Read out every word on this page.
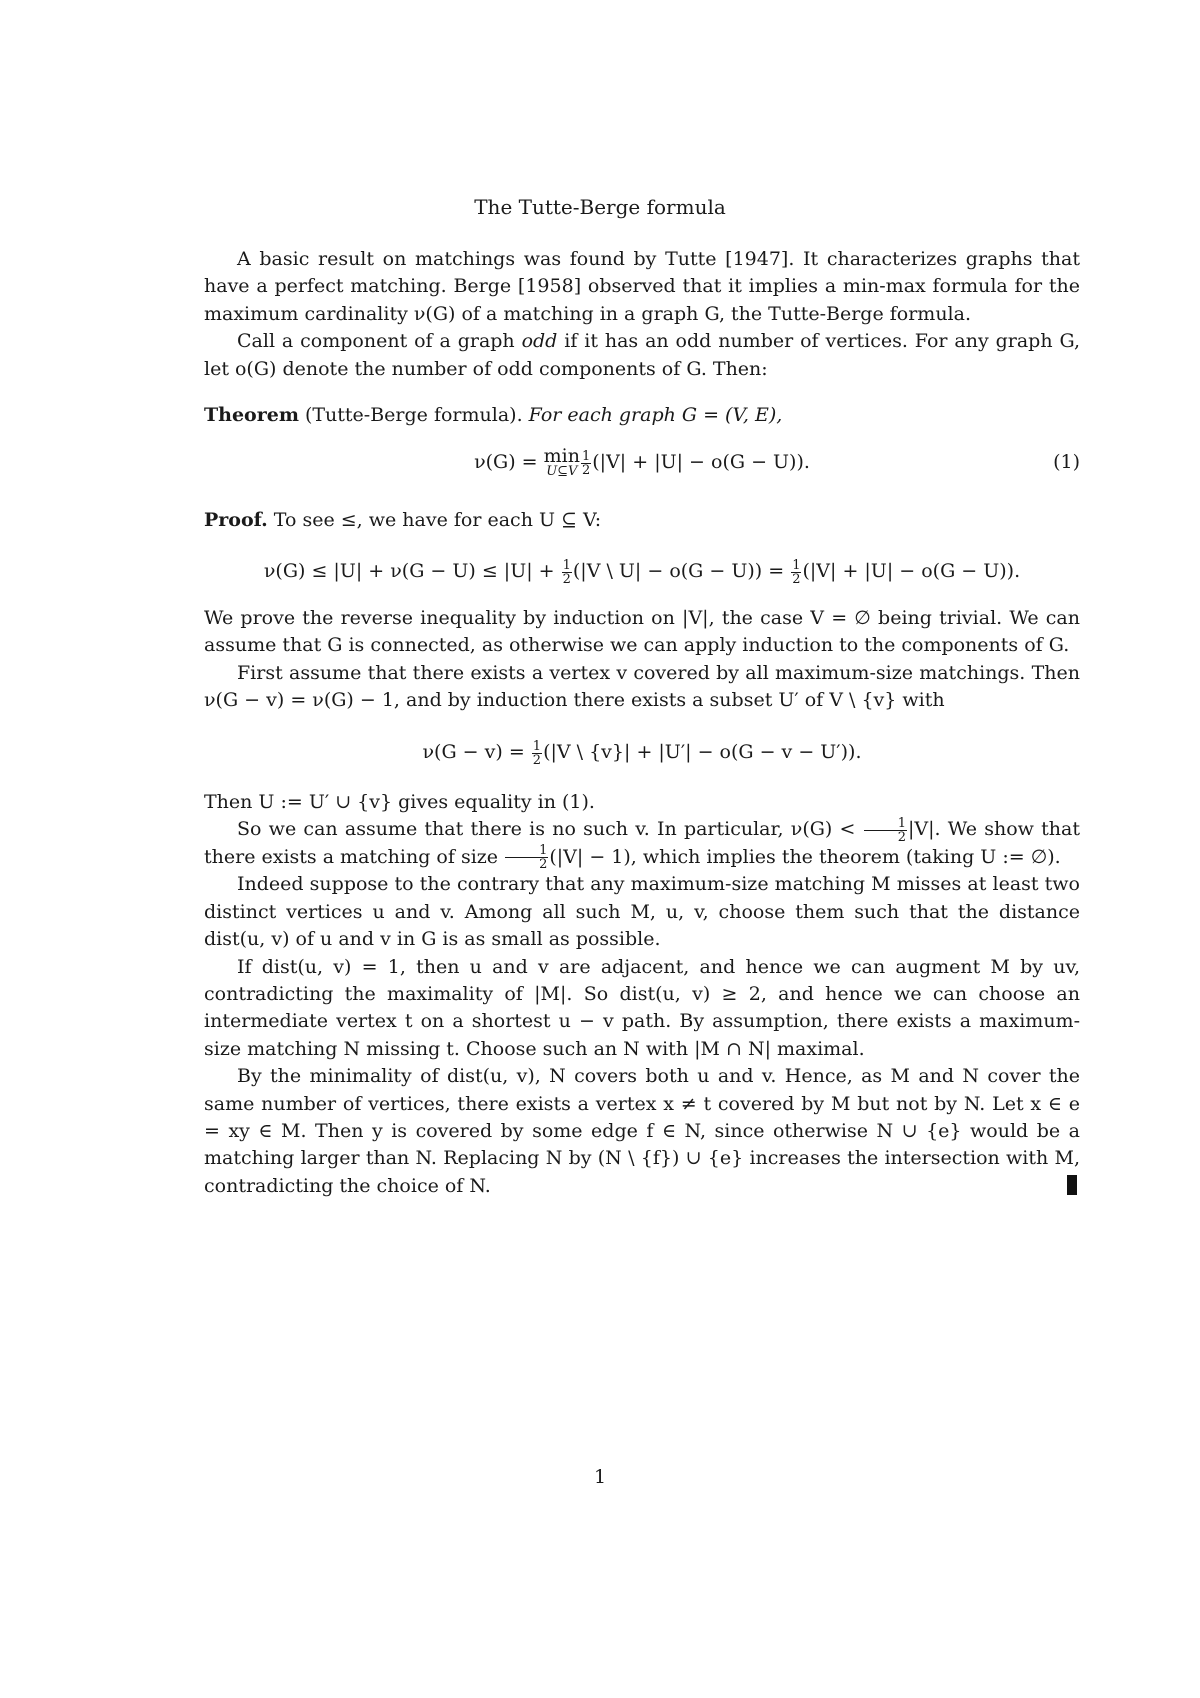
The Tutte-Berge formula

A basic result on matchings was found by Tutte [1947]. It characterizes graphs that have a perfect matching. Berge [1958] observed that it implies a min-max formula for the maximum cardinality ν(G) of a matching in a graph G, the Tutte-Berge formula.

Call a component of a graph odd if it has an odd number of vertices. For any graph G, let o(G) denote the number of odd components of G. Then:

Theorem (Tutte-Berge formula). For each graph G = (V, E),

ν(G) = min
U⊆V $\frac{1}{2} (|V| + |U| - o(G - U))$.	(1)

Proof. To see ≤, we have for each U ⊆ V:

$\nu(G) \le |U| + \nu(G - U) \le |U| + \frac{1}{2} (|V$ \ $U| - o(G - U)) = \frac{1}{2} (|V| + |U| - o(G - U))$.

We prove the reverse inequality by induction on |V|, the case V = ∅ being trivial. We can assume that G is connected, as otherwise we can apply induction to the components of G.

First assume that there exists a vertex v covered by all maximum-size matchings. Then ν(G − v) = ν(G) − 1, and by induction there exists a subset U′ of V \ {v} with

$\nu(G - v) = \frac{1}{2} (|V$ \ {v}| + |U′| − o(G − v − U′)).

Then U := U′ ∪ {v} gives equality in (1).

So we can assume that there is no such v. In particular, $\nu(G) < \frac{1}{2} |V|$. We show that there exists a matching of size $\frac{1}{2} (|V| - 1)$, which implies the theorem (taking U := ∅).

Indeed suppose to the contrary that any maximum-size matching M misses at least two distinct vertices u and v. Among all such M, u, v, choose them such that the distance dist(u, v) of u and v in G is as small as possible.

If dist(u, v) = 1, then u and v are adjacent, and hence we can augment M by uv, contradicting the maximality of |M|. So dist(u, v) ≥ 2, and hence we can choose an intermediate vertex t on a shortest u − v path. By assumption, there exists a maximum-size matching N missing t. Choose such an N with |M ∩ N| maximal.

By the minimality of dist(u, v), N covers both u and v. Hence, as M and N cover the same number of vertices, there exists a vertex x ≠ t covered by M but not by N. Let x ∈ e = xy ∈ M. Then y is covered by some edge f ∈ N, since otherwise N ∪ {e} would be a matching larger than N. Replacing N by (N \ {f}) ∪ {e} increases the intersection with M, contradicting the choice of N.

1
